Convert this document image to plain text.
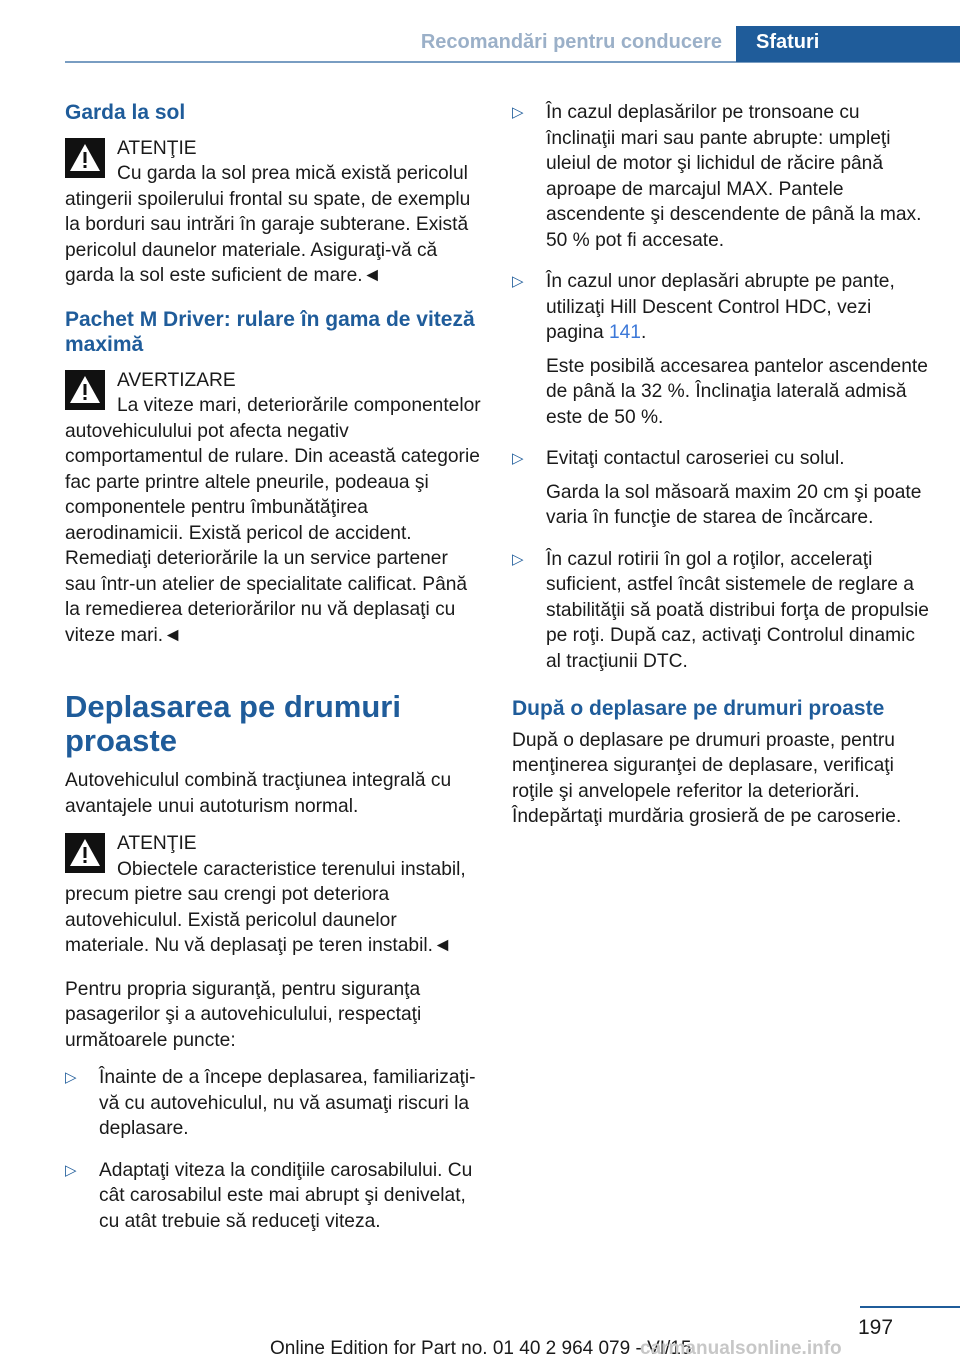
Recomandări pentru conducere	Sfaturi
Garda la sol
ATENŢIE
Cu garda la sol prea mică există pericolul atingerii spoilerului frontal su spate, de exemplu la borduri sau intrări în garaje subterane. Există pericolul daunelor materiale. Asiguraţi-vă că garda la sol este suficient de mare.◄
Pachet M Driver: rulare în gama de viteză maximă
AVERTIZARE
La viteze mari, deteriorările componentelor autovehiculului pot afecta negativ comportamentul de rulare. Din această categorie fac parte printre altele pneurile, podeaua şi componentele pentru îmbunătăţirea aerodinamicii. Există pericol de accident. Remediaţi deteriorările la un service partener sau într-un atelier de specialitate calificat. Până la remedierea deteriorărilor nu vă deplasaţi cu viteze mari.◄
Deplasarea pe drumuri proaste

Autovehiculul combină tracţiunea integrală cu avantajele unui autoturism normal.

ATENŢIE
Obiectele caracteristice terenului instabil, precum pietre sau crengi pot deteriora autovehiculul. Există pericolul daunelor materiale. Nu vă deplasaţi pe teren instabil.◄

Pentru propria siguranţă, pentru siguranţa pasagerilor şi a autovehiculului, respectaţi următoarele puncte:

▷ Înainte de a începe deplasarea, familiarizaţi-vă cu autovehiculul, nu vă asumaţi riscuri la deplasare.

▷ Adaptaţi viteza la condiţiile carosabilului. Cu cât carosabilul este mai abrupt şi denivelat, cu atât trebuie să reduceţi viteza.

▷ În cazul deplasărilor pe tronsoane cu înclinaţii mari sau pante abrupte: umpleţi uleiul de motor şi lichidul de răcire până aproape de marcajul MAX. Pantele ascendente şi descendente de până la max. 50 % pot fi accesate.

▷ În cazul unor deplasări abrupte pe pante, utilizaţi Hill Descent Control HDC, vezi pagina 141.

Este posibilă accesarea pantelor ascendente de până la 32 %. Înclinaţia laterală admisă este de 50 %.

▷ Evitaţi contactul caroseriei cu solul.

Garda la sol măsoară maxim 20 cm şi poate varia în funcţie de starea de încărcare.

▷ În cazul rotirii în gol a roţilor, acceleraţi suficient, astfel încât sistemele de reglare a stabilităţii să poată distribui forţa de propulsie pe roţi. După caz, activaţi Controlul dinamic al tracţiunii DTC.

După o deplasare pe drumuri proaste

După o deplasare pe drumuri proaste, pentru menţinerea siguranţei de deplasare, verificaţi roţile şi anvelopele referitor la deteriorări. Îndepărtaţi murdăria grosieră de pe caroserie.

197
Online Edition for Part no. 01 40 2 964 079 - VI/15
carmanualsonline.info
